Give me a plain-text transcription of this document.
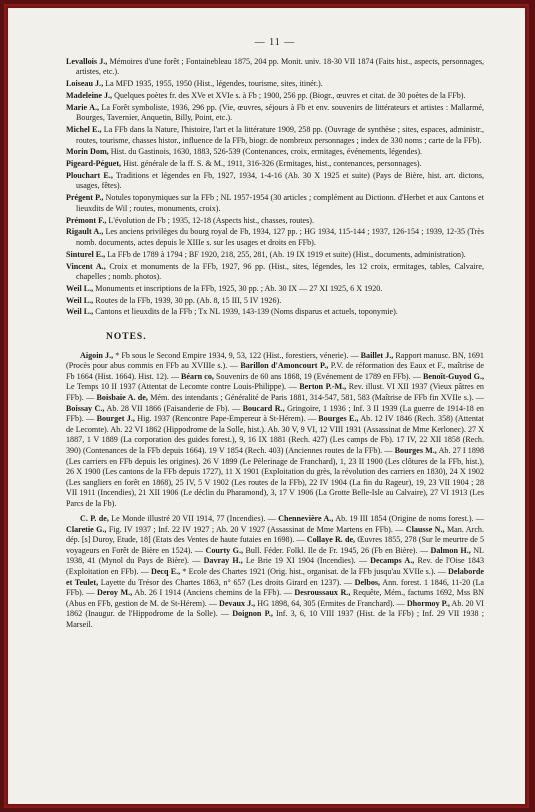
— 11 —

Levallois J., Mémoires d'une forêt ; Fontainebleau 1875, 204 pp. Monit. univ. 18-30 VII 1874 (Faits hist., aspects, personnages, artistes, etc.).

Loiseau J., La MFD 1935, 1955, 1950 (Hist., légendes, tourisme, sites, itinér.).

Madeleine J., Quelques poètes fr. des XVe et XVIe s. à Fb ; 1900, 256 pp. (Biogr., œuvres et citat. de 30 poètes de la FFb).

Marie A., La Forêt symboliste, 1936, 296 pp. (Vie, œuvres, séjours à Fb et env. souvenirs de littérateurs et artistes : Mallarmé, Bourges, Tavernier, Anquetin, Billy, Point, etc.).

Michel E., La FFb dans la Nature, l'histoire, l'art et la littérature 1909, 258 pp. (Ouvrage de synthèse ; sites, espaces, administr., routes, tourisme, chasses histor., influence de la FFb, biogr. de nombreux personnages ; index de 330 noms ; carte de la FFb).

Morin Dom, Hist. du Gastinois, 1630, 1883, 526-539 (Contenances, croix, ermitages, événements, légendes).

Pigeard-Péguet, Hist. générale de la ff. S. & M., 1911, 316-326 (Ermitages, hist., contenances, personnages).

Plouchart E., Traditions et légendes en Fb, 1927, 1934, 1-4-16 (Ab. 30 X 1925 et suite) (Pays de Bière, hist. art. dictons, usages, fêtes).

Prégent P., Notules toponymiques sur la FFb ; NL 1957-1954 (30 articles ; complément au Dictionn. d'Herbet et aux Cantons et lieuxdits de Wil ; routes, monuments, croix).

Prémont F., L'évolution de Fb ; 1935, 12-18 (Aspects hist., chasses, routes).

Rigault A., Les anciens privilèges du bourg royal de Fb, 1934, 127 pp. ; HG 1934, 115-144 ; 1937, 126-154 ; 1939, 12-35 (Très nomb. documents, actes depuis le XIIIe s. sur les usages et droits en FFb).

Sinturel E., La FFb de 1789 à 1794 ; BF 1920, 218, 255, 281, (Ab. 19 IX 1919 et suite) (Hist., documents, administration).

Vincent A., Croix et monuments de la FFb, 1927, 96 pp. (Hist., sites, légendes, les 12 croix, ermitages, tables, Calvaire, chapelles ; nomb. photos).

Weil L., Monuments et inscriptions de la FFb, 1925, 30 pp. ; Ab. 30 IX — 27 XI 1925, 6 X 1920.

Weil L., Routes de la FFb, 1939, 30 pp. (Ab. 8, 15 III, 5 IV 1926).

Weil L., Cantons et lieuxdits de la FFb ; Tx NL 1939, 143-139 (Noms disparus et actuels, toponymie).

NOTES.

Aigoin J., * Fb sous le Second Empire 1934, 9, 53, 122 (Hist., forestiers, vénerie). — Baillet J., Rapport manusc. BN, 1691 (Procès pour abus commis en FFb au XVIIIe s.). — Barillon d'Amoncourt P., P.V. de réformation des Eaux et F., maîtrise de Fb 1664 (Hist. 1664). Hist. 12). — Béarn co, Souvenirs de 60 ans 1868, 19 (Evénement de 1789 en FFb). — Benoît-Guyod G., Le Temps 10 II 1937 (Attentat de Lecomte contre Louis-Philippe). — Berton P.-M., Rev. illust. VI XII 1937 (Vieux pâtres en FFb). — Boisbaie A. de, Mém. des intendants ; Généralité de Paris 1881, 314-547, 581, 583 (Maîtrise de FFb fin XVIIe s.). — Boissay C., Ab. 28 VII 1866 (Faisanderie de Fb). — Boucard R., Gringoire, 1 1936 ; Inf. 3 II 1939 (La guerre de 1914-18 en FFb). — Bourget J., Hig. 1937 (Rencontre Pape-Empereur à St-Hérem). — Bourges E., Ab. 12 IV 1846 (Rech. 358) (Attentat de Lecomte). Ab. 22 VI 1862 (Hippodrome de la Solle, hist.). Ab. 30 V, 9 VI, 12 VIII 1931 (Assassinat de Mme Kerlonec). 27 X 1887, 1 V 1889 (La corporation des guides forest.), 9, 16 IX 1881 (Rech. 427) (Les camps de Fb). 17 IV, 22 XII 1858 (Rech. 390) (Contenances de la FFb depuis 1664). 19 V 1854 (Rech. 403) (Anciennes routes de la FFb). — Bourges M., Ab. 27 I 1898 (Les carriers en FFb depuis les origines). 26 V 1899 (Le Pèlerinage de Franchard), 1, 23 II 1900 (Les clôtures de la FFb, hist.), 26 X 1900 (Les cantons de la FFb depuis 1727), 11 X 1901 (Exploitation du grès, la révolution des carriers en 1830), 24 X 1902 (Les sangliers en forêt en 1868), 25 IV, 5 V 1902 (Les routes de la FFb), 22 IV 1904 (La fin du Rageur), 19, 23 VII 1904 ; 28 VII 1911 (Incendies), 21 XII 1906 (Le déclin du Pharamond), 3, 17 V 1906 (La Grotte Belle-Isle au Calvaire), 27 VI 1913 (Les Parcs de la Fb).

C. P. de, Le Monde illustré 20 VII 1914, 77 (Incendies). — Chennevière A., Ab. 19 III 1854 (Origine de noms forest.). — Claretie G., Fig. IV 1937 ; Inf. 22 IV 1927 ; Ab. 20 V 1927 (Assassinat de Mme Martens en FFb). — Clausse N., Man. Arch. dép. [s] Duroy, Etude, 18] (Etats des Ventes de haute futaies en 1698). — Collaye R. de, Œuvres 1855, 278 (Sur le meurtre de 5 voyageurs en Forêt de Bière en 1524). — Courty G., Bull. Féder. Folkl. Ile de Fr. 1945, 26 (Fb en Bière). — Dalmon H., NL 1938, 41 (Mynol du Pays de Bière). — Davray H., Le Brie 19 XI 1904 (Incendies). — Decamps A., Rev. de l'Oise 1843 (Exploitation en FFb). — Decq E., * Ecole des Chartes 1921 (Orig. hist., organisat. de la FFb jusqu'au XVIIe s.). — Delaborde et Teulet, Layette du Trésor des Chartes 1863, n° 657 (Les droits Girard en 1237). — Delbos, Ann. forest. 1 1846, 11-20 (La FFb). — Deroy M., Ab. 26 I 1914 (Anciens chemins de la FFb). — Desroussaux R., Requête, Mém., factums 1692, Mss BN (Abus en FFb, gestion de M. de St-Hérem). — Devaux J., HG 1898, 64, 305 (Ermites de Franchard). — Dhormoy P., Ab. 20 VI 1862 (Inaugur. de l'Hippodrome de la Solle). — Doignon P., Inf. 3, 6, 10 VIII 1937 (Hist. de la FFb) ; Inf. 29 VII 1938 ; Marseil.
